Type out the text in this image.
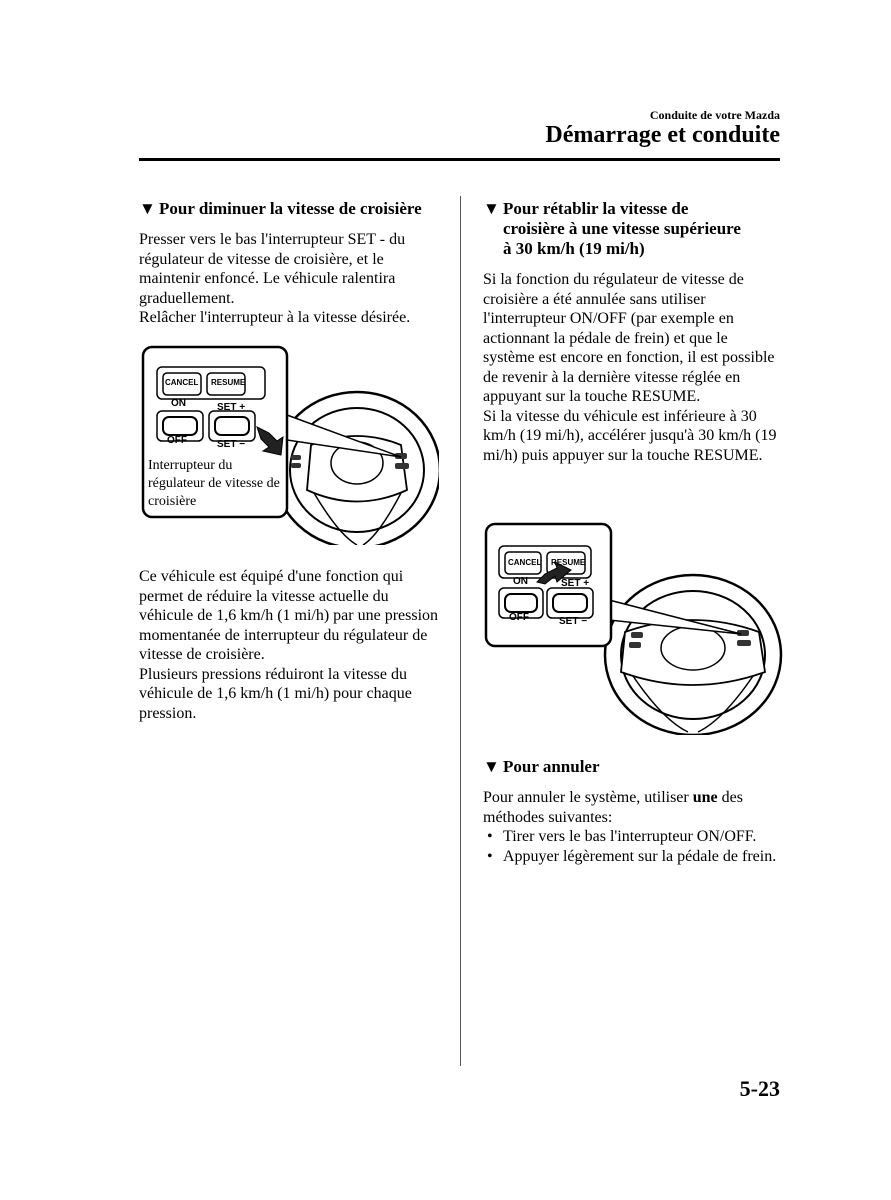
Conduite de votre Mazda
Démarrage et conduite
▼ Pour diminuer la vitesse de croisière

Presser vers le bas l'interrupteur SET - du régulateur de vitesse de croisière, et le maintenir enfoncé. Le véhicule ralentira graduellement.

Relâcher l'interrupteur à la vitesse désirée.

CANCEL RESUME
ON	SET +
OFF	SET −
Interrupteur du régulateur de vitesse de croisière

Ce véhicule est équipé d'une fonction qui permet de réduire la vitesse actuelle du véhicule de 1,6 km/h (1 mi/h) par une pression momentanée de interrupteur du régulateur de vitesse de croisière.

Plusieurs pressions réduiront la vitesse du véhicule de 1,6 km/h (1 mi/h) pour chaque pression.

▼ Pour rétablir la vitesse de
croisière à une vitesse supérieure
à 30 km/h (19 mi/h)

Si la fonction du régulateur de vitesse de croisière a été annulée sans utiliser l'interrupteur ON/OFF (par exemple en actionnant la pédale de frein) et que le système est encore en fonction, il est possible de revenir à la dernière vitesse réglée en appuyant sur la touche RESUME.

Si la vitesse du véhicule est inférieure à 30 km/h (19 mi/h), accélérer jusqu'à 30 km/h (19 mi/h) puis appuyer sur la touche RESUME.

CANCEL RESUME
ON	SET +
OFF	SET −
▼ Pour annuler

Pour annuler le système, utiliser une des méthodes suivantes:

• Tirer vers le bas l'interrupteur ON/OFF.
• Appuyer légèrement sur la pédale de frein.
5-23
